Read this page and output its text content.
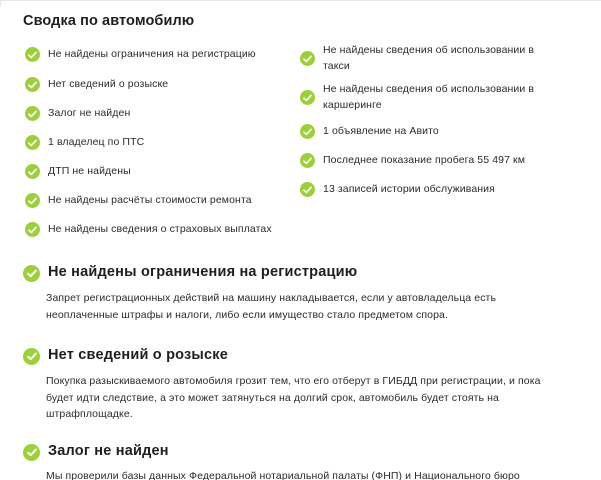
Сводка по автомобилю
Не найдены ограничения на регистрацию
Нет сведений о розыске
Залог не найден
1 владелец по ПТС
ДТП не найдены
Не найдены расчёты стоимости ремонта
Не найдены сведения о страховых выплатах
Не найдены сведения об использовании в такси
Не найдены сведения об использовании в каршеринге
1 объявление на Авито
Последнее показание пробега 55 497 км
13 записей истории обслуживания
Не найдены ограничения на регистрацию
Запрет регистрационных действий на машину накладывается, если у автовладельца есть неоплаченные штрафы и налоги, либо если имущество стало предметом спора.
Нет сведений о розыске
Покупка разыскиваемого автомобиля грозит тем, что его отберут в ГИБДД при регистрации, и пока будет идти следствие, а это может затянуться на долгий срок, автомобиль будет стоять на штрафплощадке.
Залог не найден
Мы проверили базы данных Федеральной нотариальной палаты (ФНП) и Национального бюро
